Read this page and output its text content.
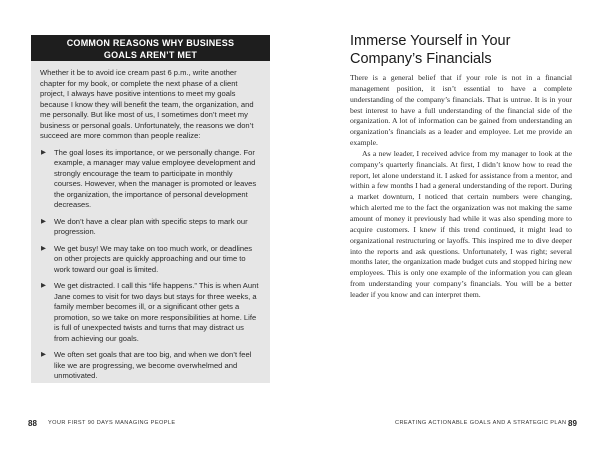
COMMON REASONS WHY BUSINESS
GOALS AREN’T MET

Whether it be to avoid ice cream past 6 p.m., write another chapter for my book, or complete the next phase of a client project, I always have positive intentions to meet my goals because I know they will benefit the team, the organization, and me personally. But like most of us, I sometimes don’t meet my business or personal goals. Unfortunately, the reasons we don’t succeed are more common than people realize:

▶ The goal loses its importance, or we personally change. For example, a manager may value employee development and strongly encourage the team to participate in monthly courses. However, when the manager is promoted or leaves the organization, the importance of personal development decreases.
▶ We don’t have a clear plan with specific steps to mark our progression.
▶ We get busy! We may take on too much work, or deadlines on other projects are quickly approaching and our time to work toward our goal is limited.
▶ We get distracted. I call this “life happens.” This is when Aunt Jane comes to visit for two days but stays for three weeks, a family member becomes ill, or a significant other gets a promotion, so we take on more responsibilities at home. Life is full of unexpected twists and turns that may distract us from achieving our goals.
▶ We often set goals that are too big, and when we don’t feel like we are progressing, we become overwhelmed and unmotivated.
88 YOUR FIRST 90 DAYS MANAGING PEOPLE
Immerse Yourself in Your
Company’s Financials

There is a general belief that if your role is not in a financial management position, it isn’t essential to have a complete understanding of the company’s financials. That is untrue. It is in your best interest to have a full understanding of the financial side of the organization. A lot of information can be gained from understanding an organization’s financials as a leader and employee. Let me provide an example.

As a new leader, I received advice from my manager to look at the company’s quarterly financials. At first, I didn’t know how to read the report, let alone understand it. I asked for assistance from a mentor, and within a few months I had a general understanding of the report. During a market downturn, I noticed that certain numbers were changing, which alerted me to the fact the organization was not making the same amount of money it previously had while it was also spending more to acquire customers. I knew if this trend continued, it might lead to organizational restructuring or layoffs. This inspired me to dive deeper into the reports and ask questions. Unfortunately, I was right; several months later, the organization made budget cuts and stopped hiring new employees. This is only one example of the information you can glean from understanding your company’s financials. You will be a better leader if you know and can interpret them.

CREATING ACTIONABLE GOALS AND A STRATEGIC PLAN 89
